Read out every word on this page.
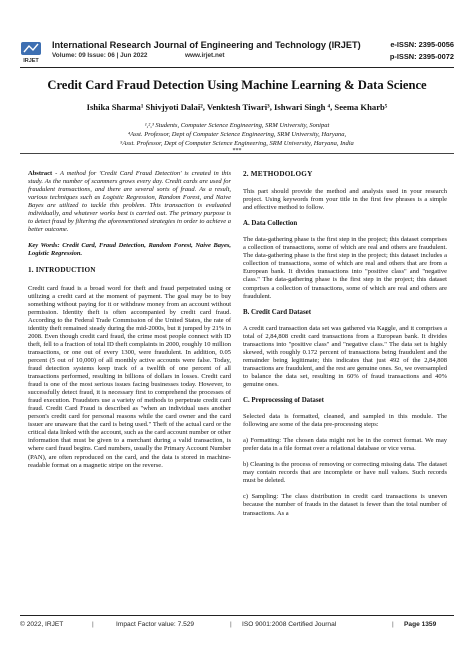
IRJET
International Research Journal of Engineering and Technology (IRJET)
Volume: 09 Issue: 06 | Jun 2022	www.irjet.net
e-ISSN: 2395-0056
p-ISSN: 2395-0072
Credit Card Fraud Detection Using Machine Learning & Data Science
Ishika Sharma¹ Shivjyoti Dalai², Venktesh Tiwari³, Ishwari Singh ⁴, Seema Kharb⁵
¹,²,³ Students, Computer Science Engineering, SRM University, Sonipat
⁴Asst. Professor, Dept of Computer Science Engineering, SRM University, Haryana,
⁵Asst. Professor, Dept of Computer Science Engineering, SRM University, Haryana, India
***

Abstract - A method for 'Credit Card Fraud Detection' is created in this study. As the number of scammers grows every day. Credit cards are used for fraudulent transactions, and there are several sorts of fraud. As a result, various techniques such as Logistic Regression, Random Forest, and Naive Bayes are utilized to tackle this problem. This transaction is evaluated individually, and whatever works best is carried out. The primary purpose is to detect fraud by filtering the aforementioned strategies in order to achieve a better outcome.

Key Words: Credit Card, Fraud Detection, Random Forest, Naive Bayes, Logistic Regression.

1. INTRODUCTION

Credit card fraud is a broad word for theft and fraud perpetrated using or utilizing a credit card at the moment of payment. The goal may be to buy something without paying for it or withdraw money from an account without permission. Identity theft is often accompanied by credit card fraud. According to the Federal Trade Commission of the United States, the rate of identity theft remained steady during the mid-2000s, but it jumped by 21% in 2008. Even though credit card fraud, the crime most people connect with ID theft, fell to a fraction of total ID theft complaints in 2000, roughly 10 million transactions, or one out of every 1300, were fraudulent. In addition, 0.05 percent (5 out of 10,000) of all monthly active accounts were false. Today, fraud detection systems keep track of a twelfth of one percent of all transactions performed, resulting in billions of dollars in losses. Credit card fraud is one of the most serious issues facing businesses today. However, to successfully detect fraud, it is necessary first to comprehend the processes of fraud execution. Fraudsters use a variety of methods to perpetrate credit card fraud. Credit Card Fraud is described as "when an individual uses another person's credit card for personal reasons while the card owner and the card issuer are unaware that the card is being used." Theft of the actual card or the critical data linked with the account, such as the card account number or other information that must be given to a merchant during a valid transaction, is where card fraud begins. Card numbers, usually the Primary Account Number (PAN), are often reproduced on the card, and the data is stored in machine-readable format on a magnetic stripe on the reverse.

2. METHODOLOGY

This part should provide the method and analysis used in your research project. Using keywords from your title in the first few phrases is a simple and effective method to follow.

A. Data Collection

The data-gathering phase is the first step in the project; this dataset comprises a collection of transactions, some of which are real and others are fraudulent. The data-gathering phase is the first step in the project; this dataset includes a collection of transactions, some of which are real and others that are from a European bank. It divides transactions into "positive class" and "negative class." The data-gathering phase is the first step in the project; this dataset comprises a collection of transactions, some of which are real and others are fraudulent.

B. Credit Card Dataset

A credit card transaction data set was gathered via Kaggle, and it comprises a total of 2,84,808 credit card transactions from a European bank. It divides transactions into "positive class" and "negative class." The data set is highly skewed, with roughly 0.172 percent of transactions being fraudulent and the remainder being legitimate; this indicates that just 492 of the 2,84,808 transactions are fraudulent, and the rest are genuine ones. So, we oversampled to balance the data set, resulting in 60% of fraud transactions and 40% genuine ones.

C. Preprocessing of Dataset

Selected data is formatted, cleaned, and sampled in this module. The following are some of the data pre-processing steps:

a) Formatting: The chosen data might not be in the correct format. We may prefer data in a file format over a relational database or vice versa.

b) Cleaning is the process of removing or correcting missing data. The dataset may contain records that are incomplete or have null values. Such records must be deleted.

c) Sampling: The class distribution in credit card transactions is uneven because the number of frauds in the dataset is fewer than the total number of transactions. As a

© 2022, IRJET	|	Impact Factor value: 7.529	| ISO 9001:2008 Certified Journal	| Page 1359
